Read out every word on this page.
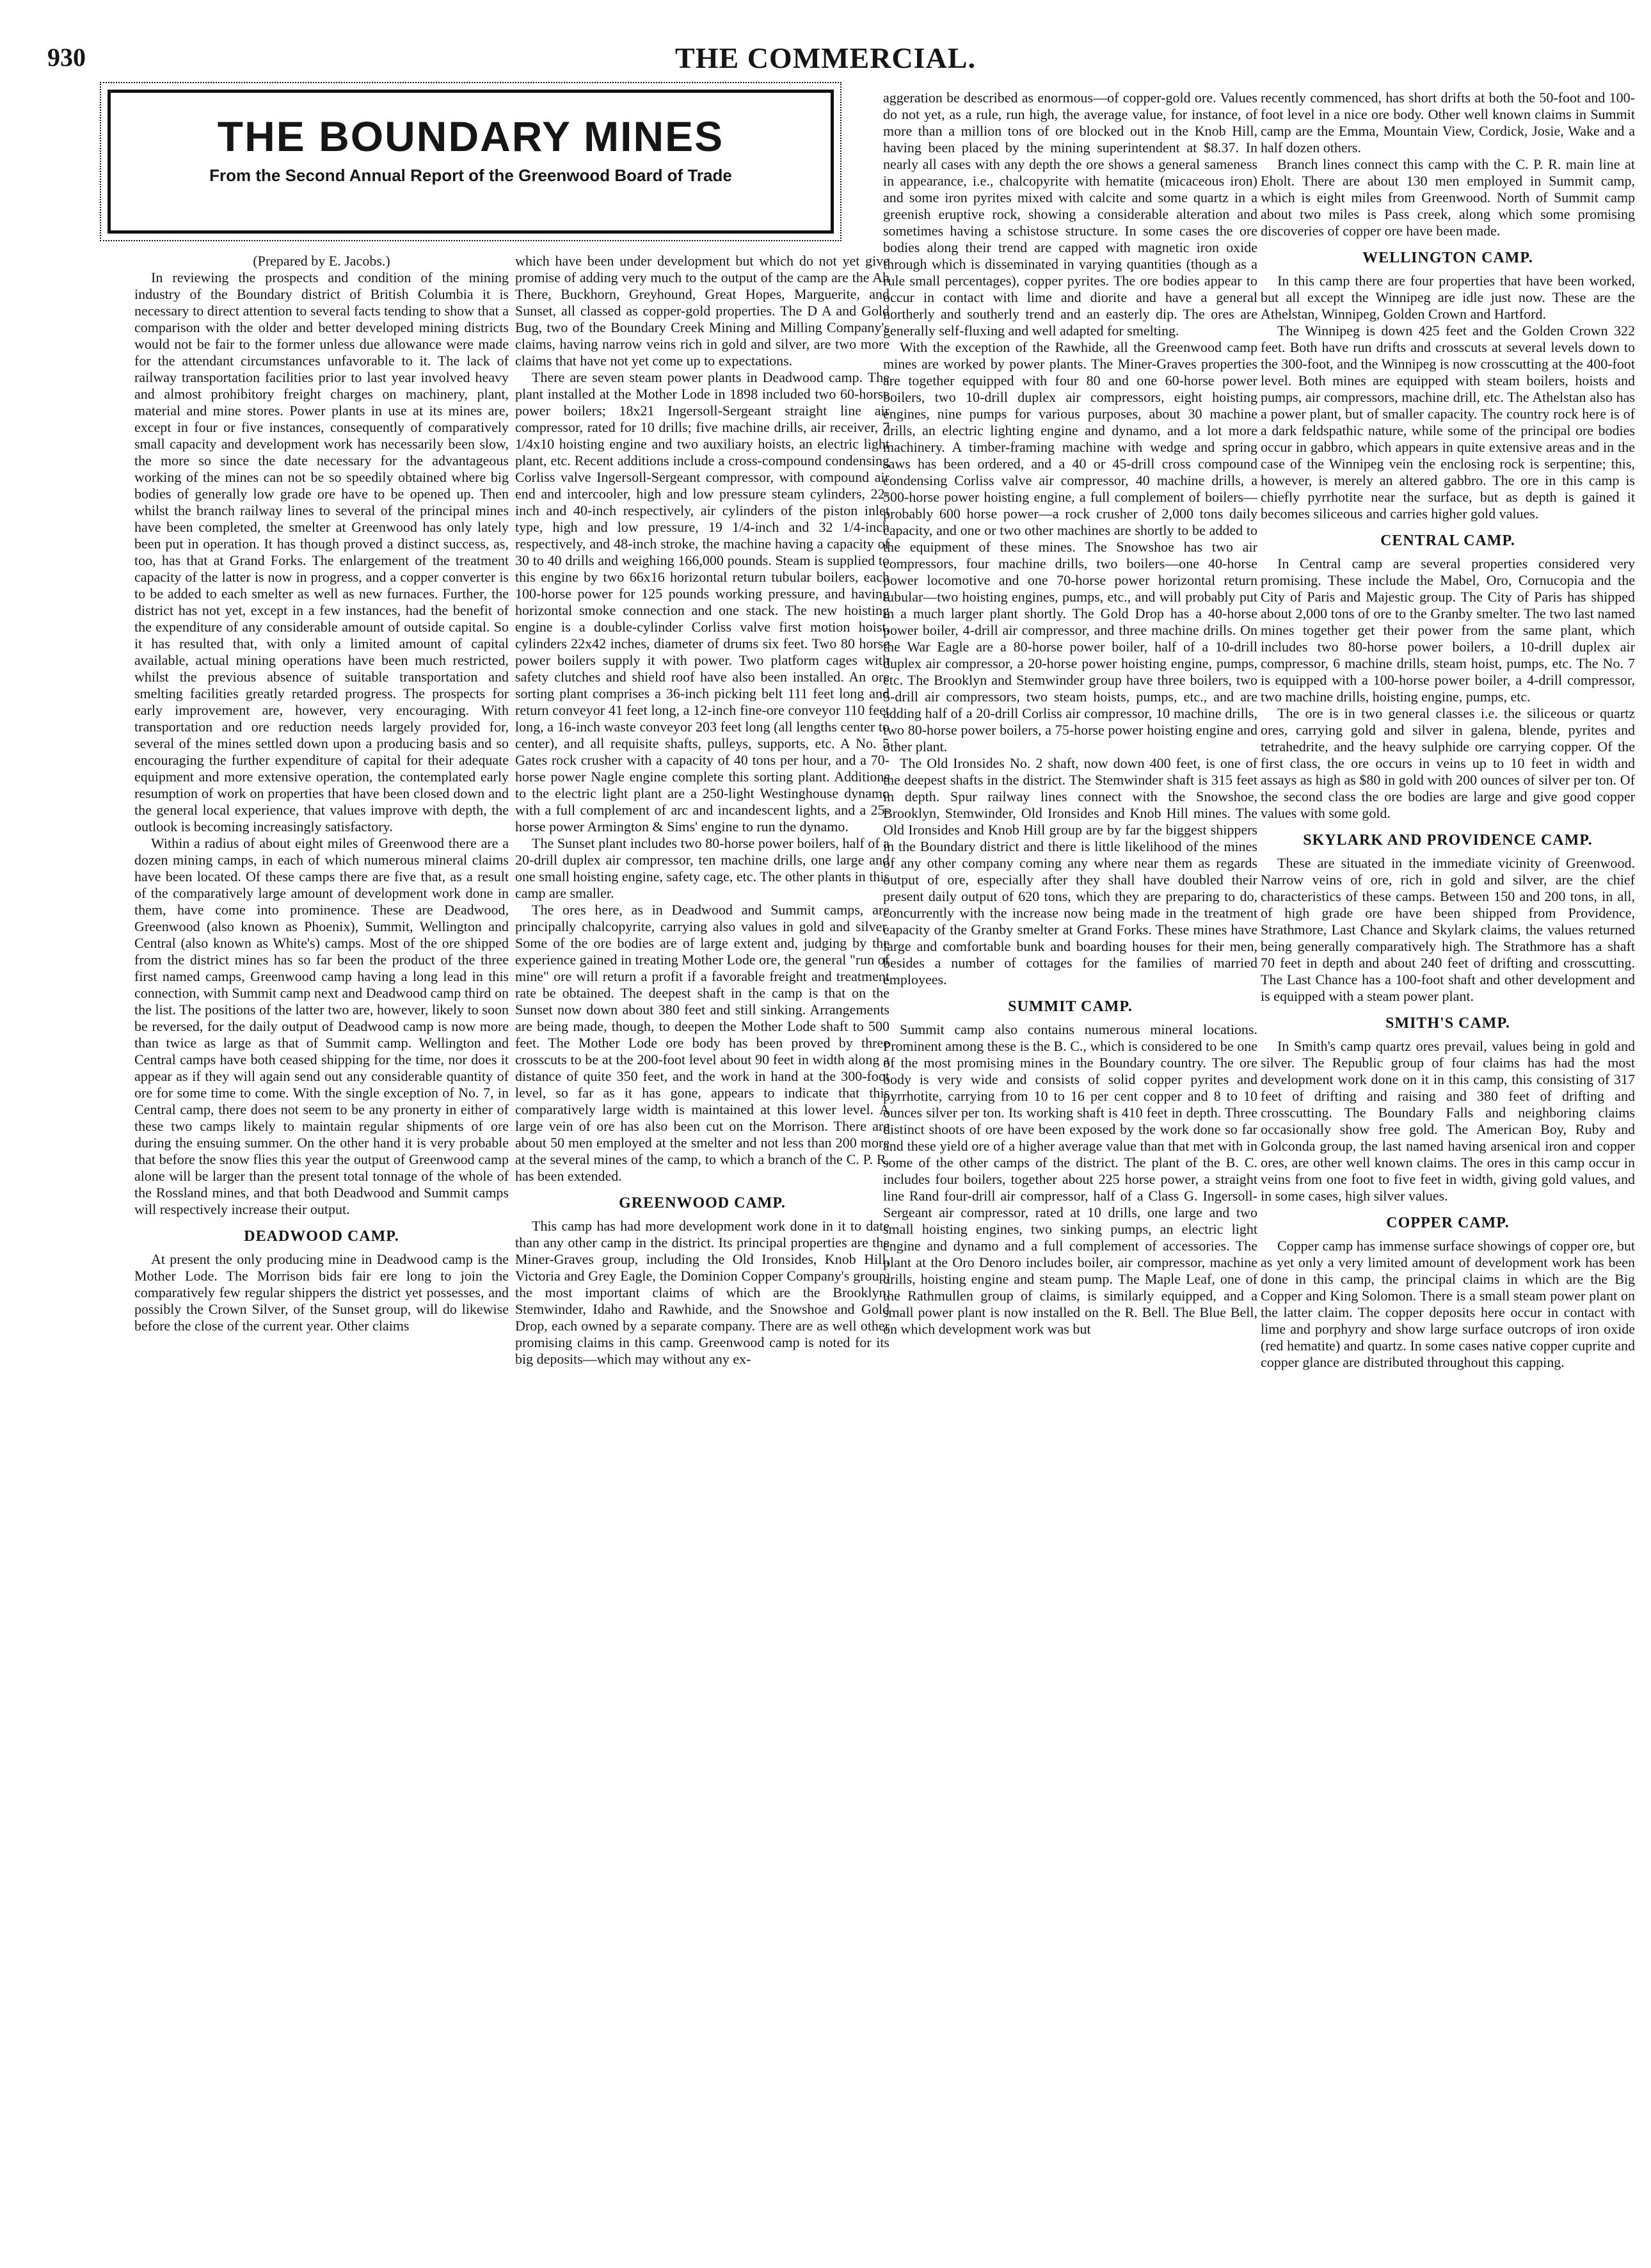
930	THE COMMERCIAL.
THE BOUNDARY MINES
From the Second Annual Report of the Greenwood Board of Trade

(Prepared by E. Jacobs.)

In reviewing the prospects and condition of the mining industry of the Boundary district of British Columbia it is necessary to direct attention to several facts tending to show that a comparison with the older and better developed mining districts would not be fair to the former unless due allowance were made for the attendant circumstances unfavorable to it. The lack of railway transportation facilities prior to last year involved heavy and almost prohibitory freight charges on machinery, plant, material and mine stores. Power plants in use at its mines are, except in four or five instances, consequently of comparatively small capacity and development work has necessarily been slow, the more so since the date necessary for the advantageous working of the mines can not be so speedily obtained where big bodies of generally low grade ore have to be opened up. Then whilst the branch railway lines to several of the principal mines have been completed, the smelter at Greenwood has only lately been put in operation. It has though proved a distinct success, as, too, has that at Grand Forks. The enlargement of the treatment capacity of the latter is now in progress, and a copper converter is to be added to each smelter as well as new furnaces. Further, the district has not yet, except in a few instances, had the benefit of the expenditure of any considerable amount of outside capital. So it has resulted that, with only a limited amount of capital available, actual mining operations have been much restricted, whilst the previous absence of suitable transportation and smelting facilities greatly retarded progress. The prospects for early improvement are, however, very encouraging. With transportation and ore reduction needs largely provided for, several of the mines settled down upon a producing basis and so encouraging the further expenditure of capital for their adequate equipment and more extensive operation, the contemplated early resumption of work on properties that have been closed down and the general local experience, that values improve with depth, the outlook is becoming increasingly satisfactory.

Within a radius of about eight miles of Greenwood there are a dozen mining camps, in each of which numerous mineral claims have been located. Of these camps there are five that, as a result of the comparatively large amount of development work done in them, have come into prominence. These are Deadwood, Greenwood (also known as Phoenix), Summit, Wellington and Central (also known as White's) camps. Most of the ore shipped from the district mines has so far been the product of the three first named camps, Greenwood camp having a long lead in this connection, with Summit camp next and Deadwood camp third on the list. The positions of the latter two are, however, likely to soon be reversed, for the daily output of Deadwood camp is now more than twice as large as that of Summit camp. Wellington and Central camps have both ceased shipping for the time, nor does it appear as if they will again send out any considerable quantity of ore for some time to come. With the single exception of No. 7, in Central camp, there does not seem to be any pronerty in either of these two camps likely to maintain regular shipments of ore during the ensuing summer. On the other hand it is very probable that before the snow flies this year the output of Greenwood camp alone will be larger than the present total tonnage of the whole of the Rossland mines, and that both Deadwood and Summit camps will respectively increase their output.

DEADWOOD CAMP.

At present the only producing mine in Deadwood camp is the Mother Lode. The Morrison bids fair ere long to join the comparatively few regular shippers the district yet possesses, and possibly the Crown Silver, of the Sunset group, will do likewise before the close of the current year. Other claims

which have been under development but which do not yet give promise of adding very much to the output of the camp are the Ah There, Buckhorn, Greyhound, Great Hopes, Marguerite, and Sunset, all classed as copper-gold properties. The D A and Gold Bug, two of the Boundary Creek Mining and Milling Company's claims, having narrow veins rich in gold and silver, are two more claims that have not yet come up to expectations.

There are seven steam power plants in Deadwood camp. The plant installed at the Mother Lode in 1898 included two 60-horse power boilers; 18x21 Ingersoll-Sergeant straight line air compressor, rated for 10 drills; five machine drills, air receiver, 7 1/4x10 hoisting engine and two auxiliary hoists, an electric light plant, etc. Recent additions include a cross-compound condensing Corliss valve Ingersoll-Sergeant compressor, with compound air end and intercooler, high and low pressure steam cylinders, 22-inch and 40-inch respectively, air cylinders of the piston inlet type, high and low pressure, 19 1/4-inch and 32 1/4-inch respectively, and 48-inch stroke, the machine having a capacity of 30 to 40 drills and weighing 166,000 pounds. Steam is supplied to this engine by two 66x16 horizontal return tubular boilers, each 100-horse power for 125 pounds working pressure, and having horizontal smoke connection and one stack. The new hoisting engine is a double-cylinder Corliss valve first motion hoist, cylinders 22x42 inches, diameter of drums six feet. Two 80 horse power boilers supply it with power. Two platform cages with safety clutches and shield roof have also been installed. An ore sorting plant comprises a 36-inch picking belt 111 feet long and return conveyor 41 feet long, a 12-inch fine-ore conveyor 110 feet long, a 16-inch waste conveyor 203 feet long (all lengths center to center), and all requisite shafts, pulleys, supports, etc. A No. 5 Gates rock crusher with a capacity of 40 tons per hour, and a 70-horse power Nagle engine complete this sorting plant. Additions to the electric light plant are a 250-light Westinghouse dynamo with a full complement of arc and incandescent lights, and a 25-horse power Armington & Sims' engine to run the dynamo.

The Sunset plant includes two 80-horse power boilers, half of a 20-drill duplex air compressor, ten machine drills, one large and one small hoisting engine, safety cage, etc. The other plants in this camp are smaller.

The ores here, as in Deadwood and Summit camps, are principally chalcopyrite, carrying also values in gold and silver. Some of the ore bodies are of large extent and, judging by the experience gained in treating Mother Lode ore, the general "run of mine" ore will return a profit if a favorable freight and treatment rate be obtained. The deepest shaft in the camp is that on the Sunset now down about 380 feet and still sinking. Arrangements are being made, though, to deepen the Mother Lode shaft to 500 feet. The Mother Lode ore body has been proved by three crosscuts to be at the 200-foot level about 90 feet in width along a distance of quite 350 feet, and the work in hand at the 300-foot level, so far as it has gone, appears to indicate that this comparatively large width is maintained at this lower level. A large vein of ore has also been cut on the Morrison. There are about 50 men employed at the smelter and not less than 200 more at the several mines of the camp, to which a branch of the C. P. R. has been extended.

GREENWOOD CAMP.

This camp has had more development work done in it to date than any other camp in the district. Its principal properties are the Miner-Graves group, including the Old Ironsides, Knob Hill, Victoria and Grey Eagle, the Dominion Copper Company's group, the most important claims of which are the Brooklyn, Stemwinder, Idaho and Rawhide, and the Snowshoe and Gold Drop, each owned by a separate company. There are as well other promising claims in this camp. Greenwood camp is noted for its big deposits—which may without any ex-

aggeration be described as enormous—of copper-gold ore. Values do not yet, as a rule, run high, the average value, for instance, of more than a million tons of ore blocked out in the Knob Hill, having been placed by the mining superintendent at $8.37. In nearly all cases with any depth the ore shows a general sameness in appearance, i.e., chalcopyrite with hematite (micaceous iron) and some iron pyrites mixed with calcite and some quartz in a greenish eruptive rock, showing a considerable alteration and sometimes having a schistose structure. In some cases the ore bodies along their trend are capped with magnetic iron oxide through which is disseminated in varying quantities (though as a rule small percentages), copper pyrites. The ore bodies appear to occur in contact with lime and diorite and have a general northerly and southerly trend and an easterly dip. The ores are generally self-fluxing and well adapted for smelting.

With the exception of the Rawhide, all the Greenwood camp mines are worked by power plants. The Miner-Graves properties are together equipped with four 80 and one 60-horse power boilers, two 10-drill duplex air compressors, eight hoisting engines, nine pumps for various purposes, about 30 machine drills, an electric lighting engine and dynamo, and a lot more machinery. A timber-framing machine with wedge and spring saws has been ordered, and a 40 or 45-drill cross compound condensing Corliss valve air compressor, 40 machine drills, a 500-horse power hoisting engine, a full complement of boilers—probably 600 horse power—a rock crusher of 2,000 tons daily capacity, and one or two other machines are shortly to be added to the equipment of these mines. The Snowshoe has two air compressors, four machine drills, two boilers—one 40-horse power locomotive and one 70-horse power horizontal return tubular—two hoisting engines, pumps, etc., and will probably put in a much larger plant shortly. The Gold Drop has a 40-horse power boiler, 4-drill air compressor, and three machine drills. On the War Eagle are a 80-horse power boiler, half of a 10-drill duplex air compressor, a 20-horse power hoisting engine, pumps, etc. The Brooklyn and Stemwinder group have three boilers, two 5-drill air compressors, two steam hoists, pumps, etc., and are adding half of a 20-drill Corliss air compressor, 10 machine drills, two 80-horse power boilers, a 75-horse power hoisting engine and other plant.

The Old Ironsides No. 2 shaft, now down 400 feet, is one of the deepest shafts in the district. The Stemwinder shaft is 315 feet in depth. Spur railway lines connect with the Snowshoe, Brooklyn, Stemwinder, Old Ironsides and Knob Hill mines. The Old Ironsides and Knob Hill group are by far the biggest shippers in the Boundary district and there is little likelihood of the mines of any other company coming any where near them as regards output of ore, especially after they shall have doubled their present daily output of 620 tons, which they are preparing to do, concurrently with the increase now being made in the treatment capacity of the Granby smelter at Grand Forks. These mines have large and comfortable bunk and boarding houses for their men, besides a number of cottages for the families of married employees.

SUMMIT CAMP.

Summit camp also contains numerous mineral locations. Prominent among these is the B. C., which is considered to be one of the most promising mines in the Boundary country. The ore body is very wide and consists of solid copper pyrites and pyrrhotite, carrying from 10 to 16 per cent copper and 8 to 10 ounces silver per ton. Its working shaft is 410 feet in depth. Three distinct shoots of ore have been exposed by the work done so far and these yield ore of a higher average value than that met with in some of the other camps of the district. The plant of the B. C. includes four boilers, together about 225 horse power, a straight line Rand four-drill air compressor, half of a Class G. Ingersoll-Sergeant air compressor, rated at 10 drills, one large and two small hoisting engines, two sinking pumps, an electric light engine and dynamo and a full complement of accessories. The plant at the Oro Denoro includes boiler, air compressor, machine drills, hoisting engine and steam pump. The Maple Leaf, one of the Rathmullen group of claims, is similarly equipped, and a small power plant is now installed on the R. Bell. The Blue Bell, on which development work was but

recently commenced, has short drifts at both the 50-foot and 100-foot level in a nice ore body. Other well known claims in Summit camp are the Emma, Mountain View, Cordick, Josie, Wake and a half dozen others.

Branch lines connect this camp with the C. P. R. main line at Eholt. There are about 130 men employed in Summit camp, which is eight miles from Greenwood. North of Summit camp about two miles is Pass creek, along which some promising discoveries of copper ore have been made.

WELLINGTON CAMP.

In this camp there are four properties that have been worked, but all except the Winnipeg are idle just now. These are the Athelstan, Winnipeg, Golden Crown and Hartford.

The Winnipeg is down 425 feet and the Golden Crown 322 feet. Both have run drifts and crosscuts at several levels down to the 300-foot, and the Winnipeg is now crosscutting at the 400-foot level. Both mines are equipped with steam boilers, hoists and pumps, air compressors, machine drill, etc. The Athelstan also has a power plant, but of smaller capacity. The country rock here is of a dark feldspathic nature, while some of the principal ore bodies occur in gabbro, which appears in quite extensive areas and in the case of the Winnipeg vein the enclosing rock is serpentine; this, however, is merely an altered gabbro. The ore in this camp is chiefly pyrrhotite near the surface, but as depth is gained it becomes siliceous and carries higher gold values.

CENTRAL CAMP.

In Central camp are several properties considered very promising. These include the Mabel, Oro, Cornucopia and the City of Paris and Majestic group. The City of Paris has shipped about 2,000 tons of ore to the Granby smelter. The two last named mines together get their power from the same plant, which includes two 80-horse power boilers, a 10-drill duplex air compressor, 6 machine drills, steam hoist, pumps, etc. The No. 7 is equipped with a 100-horse power boiler, a 4-drill compressor, two machine drills, hoisting engine, pumps, etc.

The ore is in two general classes i.e. the siliceous or quartz ores, carrying gold and silver in galena, blende, pyrites and tetrahedrite, and the heavy sulphide ore carrying copper. Of the first class, the ore occurs in veins up to 10 feet in width and assays as high as $80 in gold with 200 ounces of silver per ton. Of the second class the ore bodies are large and give good copper values with some gold.

SKYLARK AND PROVIDENCE CAMP.

These are situated in the immediate vicinity of Greenwood. Narrow veins of ore, rich in gold and silver, are the chief characteristics of these camps. Between 150 and 200 tons, in all, of high grade ore have been shipped from Providence, Strathmore, Last Chance and Skylark claims, the values returned being generally comparatively high. The Strathmore has a shaft 70 feet in depth and about 240 feet of drifting and crosscutting. The Last Chance has a 100-foot shaft and other development and is equipped with a steam power plant.

SMITH'S CAMP.

In Smith's camp quartz ores prevail, values being in gold and silver. The Republic group of four claims has had the most development work done on it in this camp, this consisting of 317 feet of drifting and raising and 380 feet of drifting and crosscutting. The Boundary Falls and neighboring claims occasionally show free gold. The American Boy, Ruby and Golconda group, the last named having arsenical iron and copper ores, are other well known claims. The ores in this camp occur in veins from one foot to five feet in width, giving gold values, and in some cases, high silver values.

COPPER CAMP.

Copper camp has immense surface showings of copper ore, but as yet only a very limited amount of development work has been done in this camp, the principal claims in which are the Big Copper and King Solomon. There is a small steam power plant on the latter claim. The copper deposits here occur in contact with lime and porphyry and show large surface outcrops of iron oxide (red hematite) and quartz. In some cases native copper cuprite and copper glance are distributed throughout this capping.
